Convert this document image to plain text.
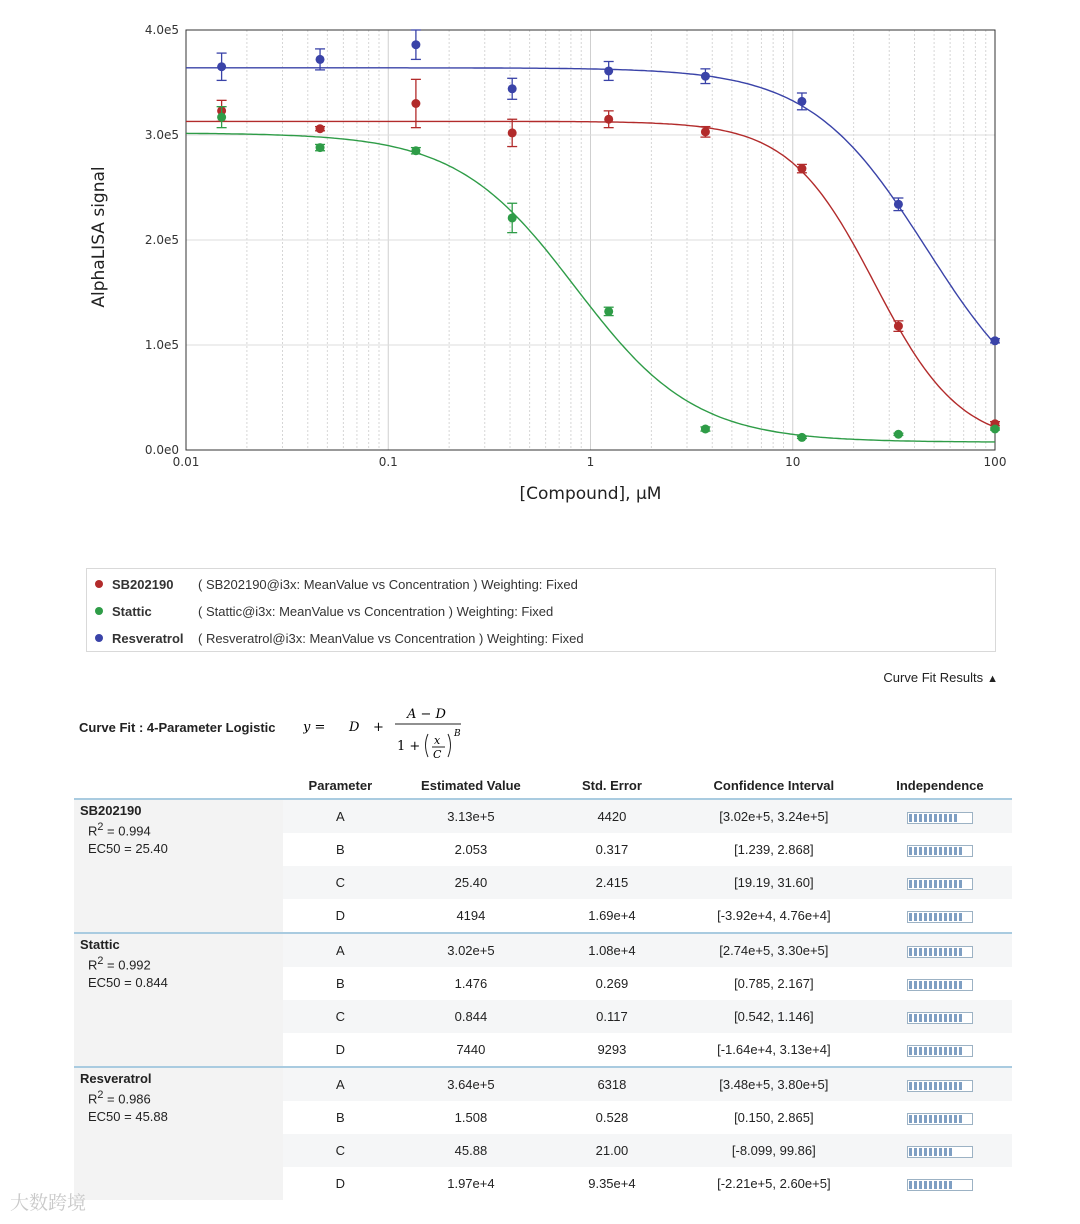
0.0e0
1.0e5
2.0e5
3.0e5
4.0e5
0.01	0.1	1	10	100
AlphaLISA signal
[Compound], µM
SB202190	( SB202190@i3x: MeanValue vs Concentration ) Weighting: Fixed
Stattic	( Stattic@i3x: MeanValue vs Concentration ) Weighting: Fixed
Resveratrol	( Resveratrol@i3x: MeanValue vs Concentration ) Weighting: Fixed
Curve Fit Results ▲
Curve Fit : 4-Parameter Logistic y = D +
A − D
1 + x
C
B
	Parameter	Estimated Value	Std. Error	Confidence Interval	Independence

SB202190
$R^2 = 0.994$
EC50 = 25.40	A	3.13e+5	4420	[3.02e+5, 3.24e+5]	

	B	2.053	0.317	[1.239, 2.868]	

	C	25.40	2.415	[19.19, 31.60]	

	D	4194	1.69e+4	[-3.92e+4, 4.76e+4]	

Stattic
$R^2 = 0.992$
EC50 = 0.844	A	3.02e+5	1.08e+4	[2.74e+5, 3.30e+5]	

	B	1.476	0.269	[0.785, 2.167]	

	C	0.844	0.117	[0.542, 1.146]	

	D	7440	9293	[-1.64e+4, 3.13e+4]	

Resveratrol
$R^2 = 0.986$
EC50 = 45.88	A	3.64e+5	6318	[3.48e+5, 3.80e+5]	

	B	1.508	0.528	[0.150, 2.865]	

	C	45.88	21.00	[-8.099, 99.86]	

	D	1.97e+4	9.35e+4	[-2.21e+5, 2.60e+5]	
大数跨境
